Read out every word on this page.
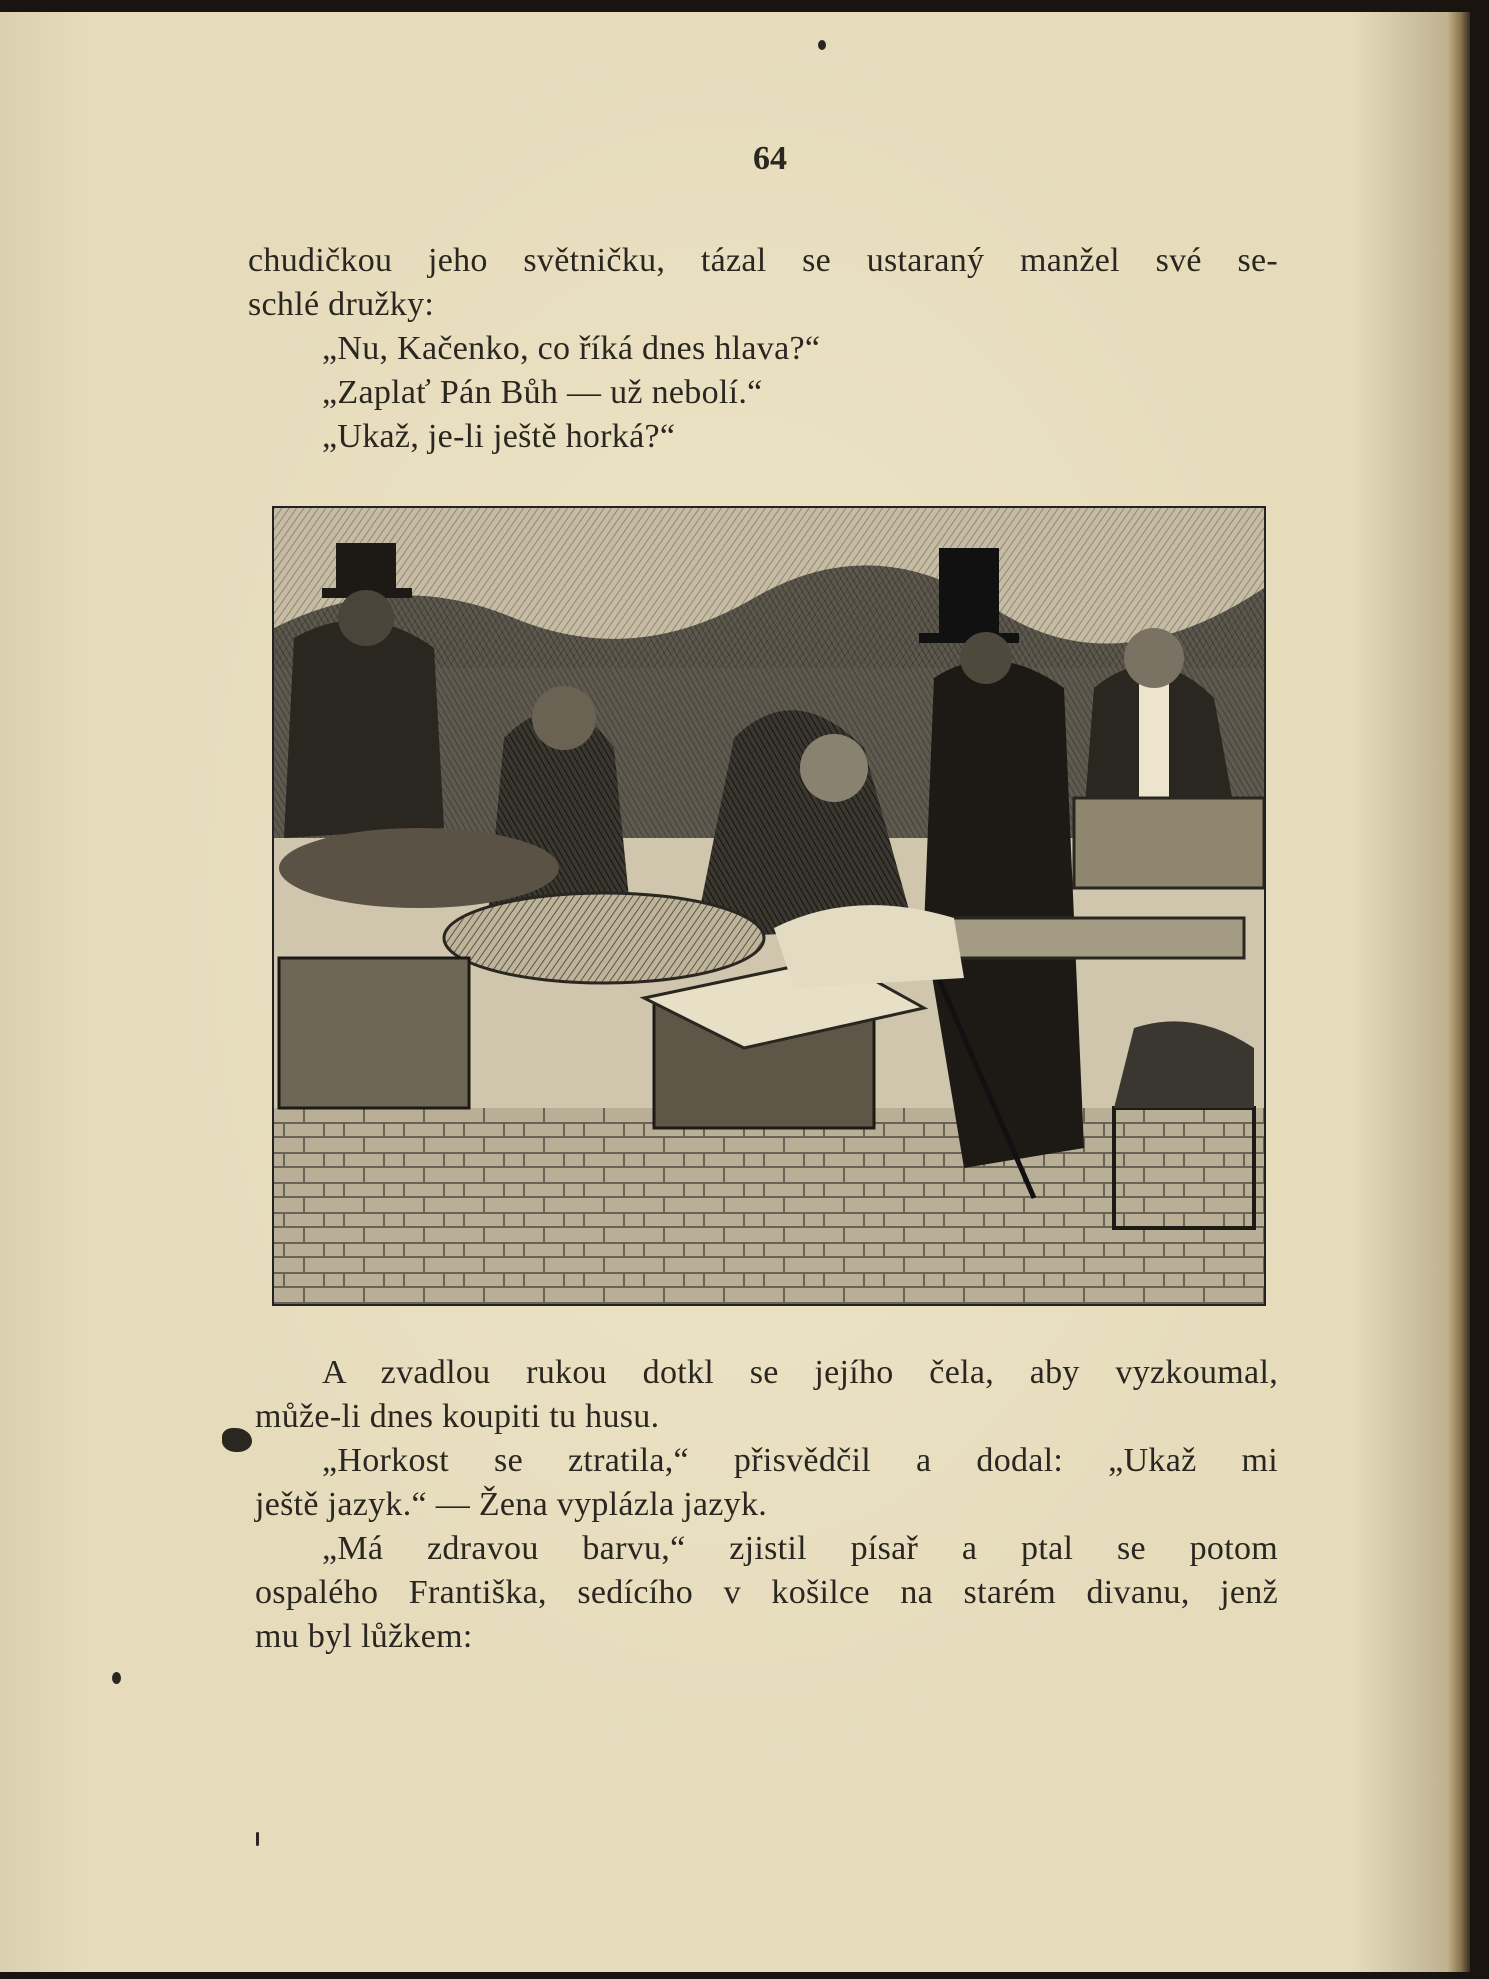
64
chudičkou jeho světničku, tázal se ustaraný manžel své se-
schlé družky:
„Nu, Kačenko, co říká dnes hlava?“
„Zaplať Pán Bůh — už nebolí.“
„Ukaž, je-li ještě horká?“
A zvadlou rukou dotkl se jejího čela, aby vyzkoumal,
může-li dnes koupiti tu husu.
„Horkost se ztratila,“ přisvědčil a dodal: „Ukaž mi
ještě jazyk.“ — Žena vyplázla jazyk.
„Má zdravou barvu,“ zjistil písař a ptal se potom
ospalého Františka, sedícího v košilce na starém divanu, jenž
mu byl lůžkem:
